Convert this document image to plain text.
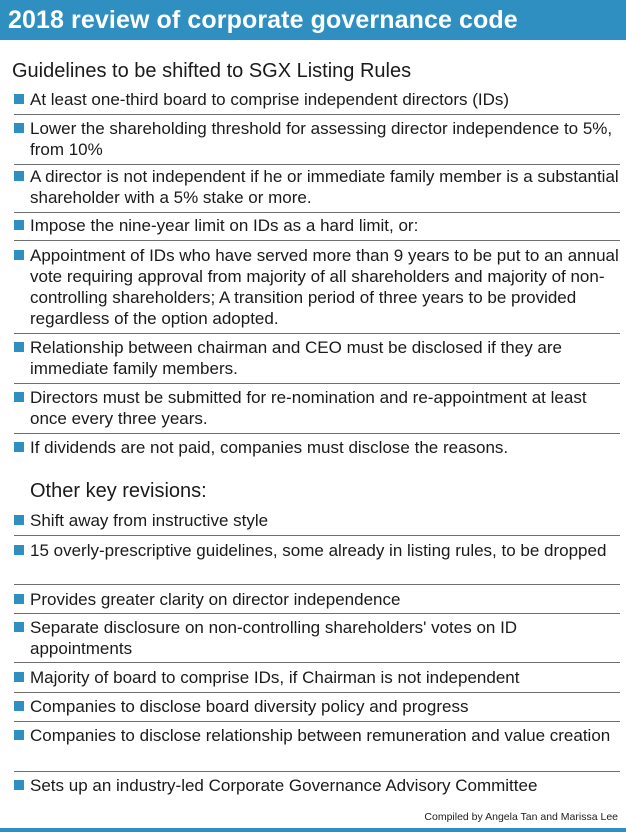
2018 review of corporate governance code
Guidelines to be shifted to SGX Listing Rules
At least one-third board to comprise independent directors (IDs)
Lower the shareholding threshold for assessing director independence to 5%, from 10%
A director is not independent if he or immediate family member is a substantial shareholder with a 5% stake or more.
Impose the nine-year limit on IDs as a hard limit, or:
Appointment of IDs who have served more than 9 years to be put to an annual vote requiring approval from majority of all shareholders and majority of non-controlling shareholders; A transition period of three years to be provided regardless of the option adopted.
Relationship between chairman and CEO must be disclosed if they are immediate family members.
Directors must be submitted for re-nomination and re-appointment at least once every three years.
If dividends are not paid, companies must disclose the reasons.
Other key revisions:
Shift away from instructive style
15 overly-prescriptive guidelines, some already in listing rules, to be dropped
Provides greater clarity on director independence
Separate disclosure on non-controlling shareholders' votes on ID appointments
Majority of board to comprise IDs, if Chairman is not independent
Companies to disclose board diversity policy and progress
Companies to disclose relationship between remuneration and value creation
Sets up an industry-led Corporate Governance Advisory Committee
Compiled by Angela Tan and Marissa Lee
